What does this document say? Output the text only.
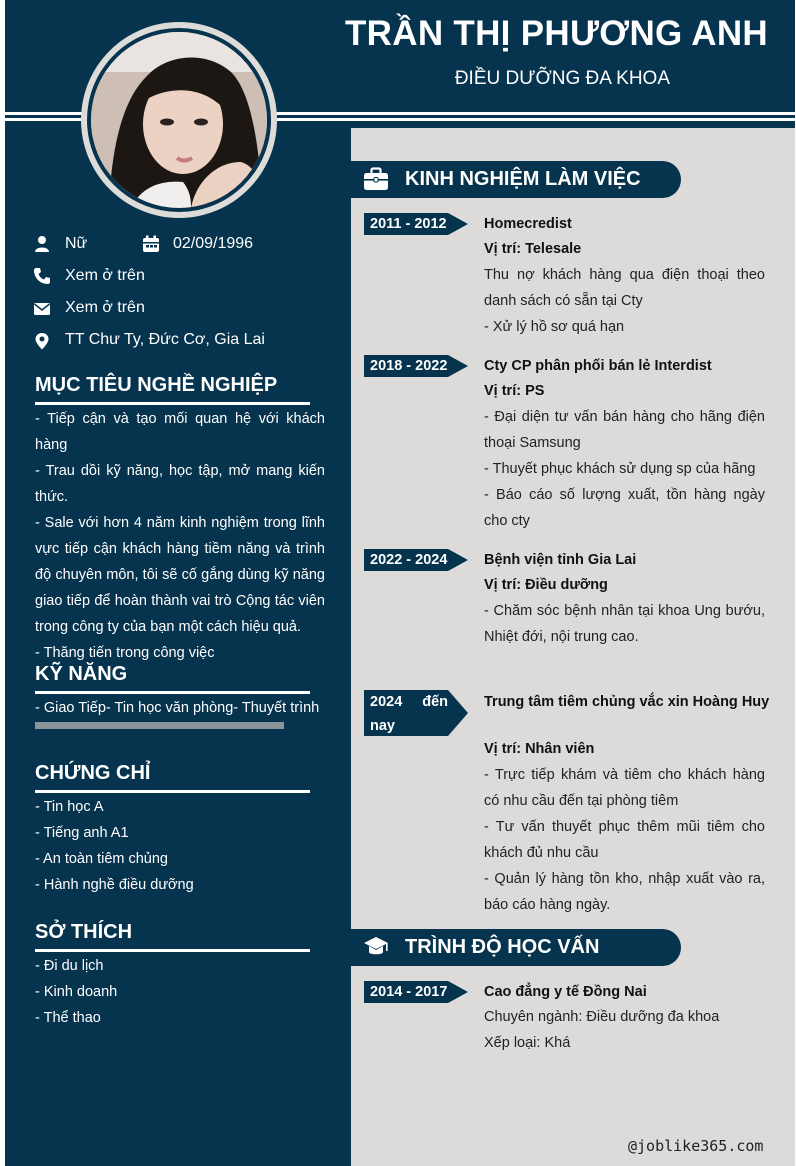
TRẦN THỊ PHƯƠNG ANH
ĐIỀU DƯỠNG ĐA KHOA
Nữ	02/09/1996
Xem ở trên
Xem ở trên
TT Chư Ty, Đức Cơ, Gia Lai
MỤC TIÊU NGHỀ NGHIỆP
- Tiếp cận và tạo mối quan hệ với khách hàng
- Trau dồi kỹ năng, học tập, mở mang kiến thức.
- Sale với hơn 4 năm kinh nghiệm trong lĩnh vực tiếp cận khách hàng tiềm năng và trình độ chuyên môn, tôi sẽ cố gắng dùng kỹ năng giao tiếp để hoàn thành vai trò Cộng tác viên trong công ty của bạn một cách hiệu quả.
- Thăng tiến trong công việc
KỸ NĂNG
- Giao Tiếp- Tin học văn phòng- Thuyết trình
CHỨNG CHỈ
- Tin học A
- Tiếng anh A1
- An toàn tiêm chủng
- Hành nghề điều dưỡng
SỞ THÍCH
- Đi du lịch
- Kinh doanh
- Thể thao
KINH NGHIỆM LÀM VIỆC
2011 - 2012	Homecredist
Vị trí: Telesale
Thu nợ khách hàng qua điện thoại theo danh sách có sẵn tại Cty
- Xử lý hồ sơ quá hạn
2018 - 2022	Cty CP phân phối bán lẻ Interdist
Vị trí: PS
- Đại diện tư vấn bán hàng cho hãng điện thoại Samsung
- Thuyết phục khách sử dụng sp của hãng
- Báo cáo số lượng xuất, tồn hàng ngày cho cty
2022 - 2024	Bệnh viện tỉnh Gia Lai
Vị trí: Điều dưỡng
- Chăm sóc bệnh nhân tại khoa Ung bướu, Nhiệt đới, nội trung cao.
2024 đến
nay
Trung tâm tiêm chủng vắc xin Hoàng Huy
Vị trí: Nhân viên
- Trực tiếp khám và tiêm cho khách hàng có nhu cầu đến tại phòng tiêm
- Tư vấn thuyết phục thêm mũi tiêm cho khách đủ nhu cầu
- Quản lý hàng tồn kho, nhập xuất vào ra, báo cáo hàng ngày.
TRÌNH ĐỘ HỌC VẤN
2014 - 2017	Cao đẳng y tế Đồng Nai
Chuyên ngành: Điều dưỡng đa khoa
Xếp loại: Khá
@joblike365.com
